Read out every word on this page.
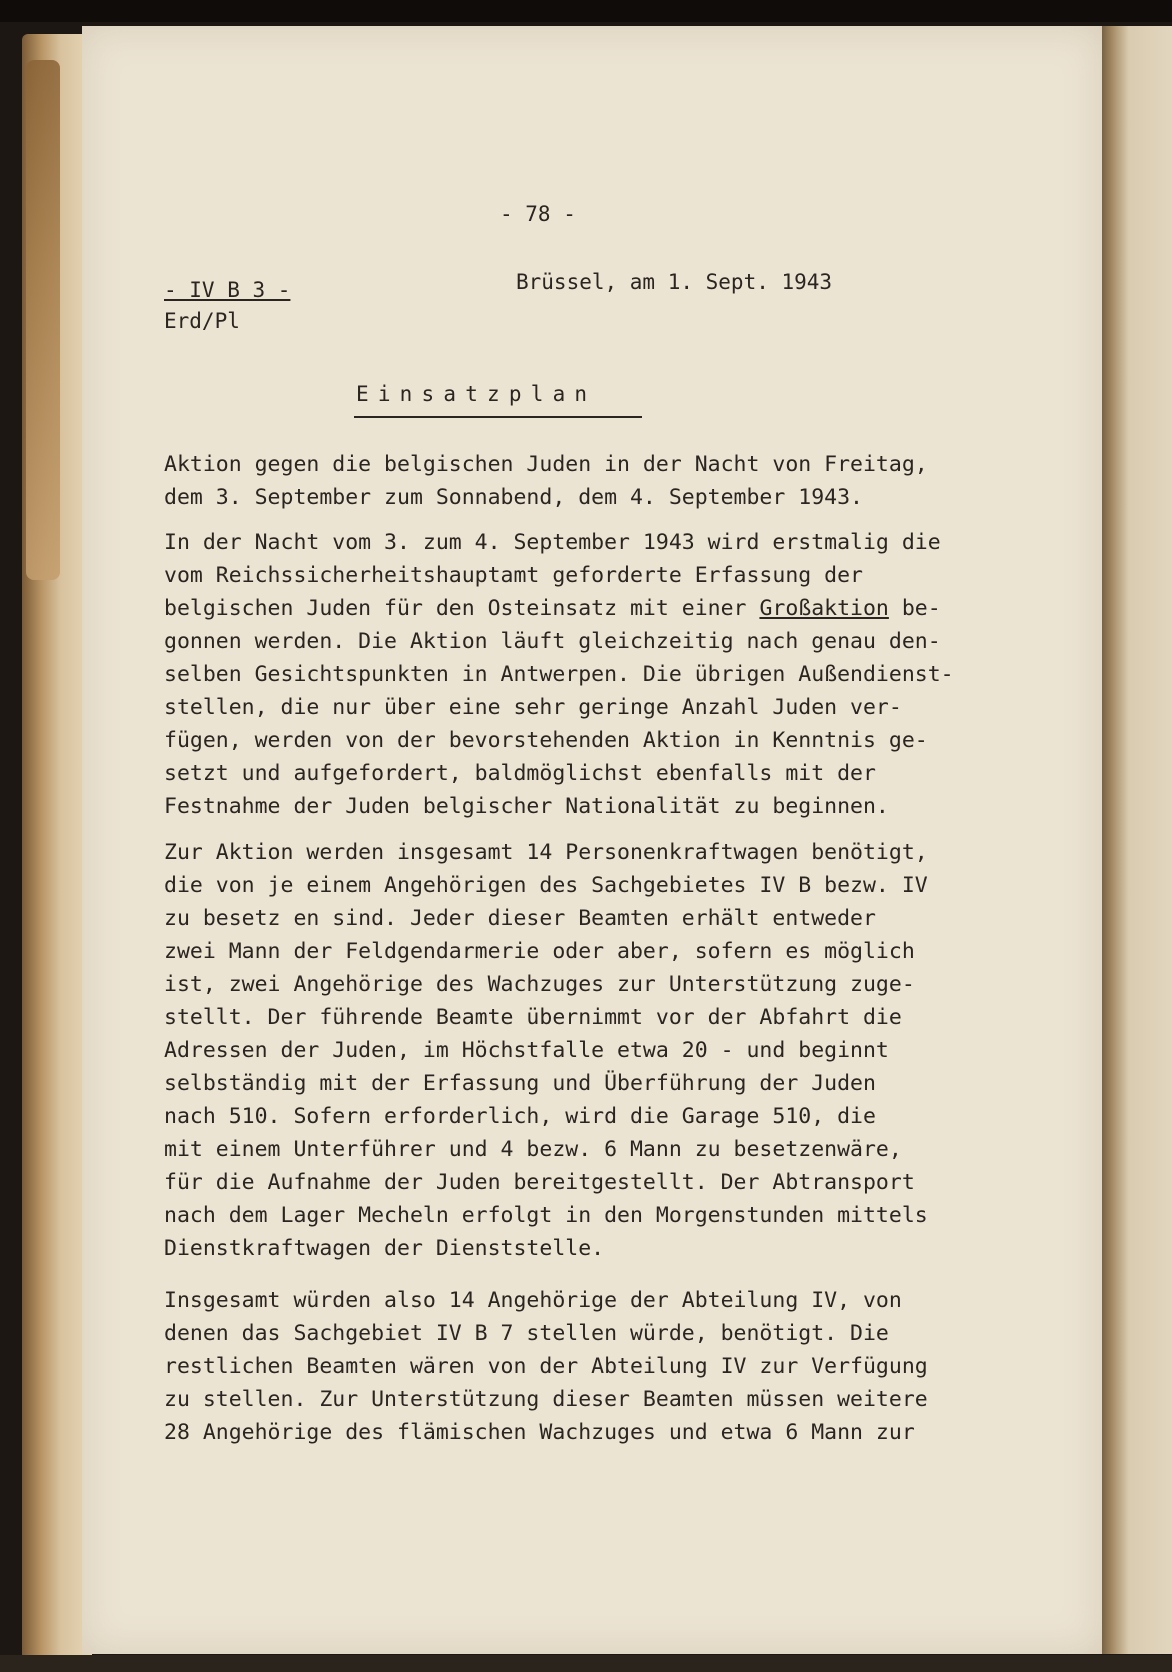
- 78 -
- IV B 3 -
Erd/Pl
Brüssel, am 1. Sept. 1943
Einsatzplan
Aktion gegen die belgischen Juden in der Nacht von Freitag,
dem 3. September zum Sonnabend, dem 4. September 1943.
In der Nacht vom 3. zum 4. September 1943 wird erstmalig die
vom Reichssicherheitshauptamt geforderte Erfassung der
belgischen Juden für den Osteinsatz mit einer Großaktion be-
gonnen werden. Die Aktion läuft gleichzeitig nach genau den-
selben Gesichtspunkten in Antwerpen. Die übrigen Außendienst-
stellen, die nur über eine sehr geringe Anzahl Juden ver-
fügen, werden von der bevorstehenden Aktion in Kenntnis ge-
setzt und aufgefordert, baldmöglichst ebenfalls mit der
Festnahme der Juden belgischer Nationalität zu beginnen.
Zur Aktion werden insgesamt 14 Personenkraftwagen benötigt,
die von je einem Angehörigen des Sachgebietes IV B bezw. IV
zu besetz en sind. Jeder dieser Beamten erhält entweder
zwei Mann der Feldgendarmerie oder aber, sofern es möglich
ist, zwei Angehörige des Wachzuges zur Unterstützung zuge-
stellt. Der führende Beamte übernimmt vor der Abfahrt die
Adressen der Juden, im Höchstfalle etwa 20 - und beginnt
selbständig mit der Erfassung und Überführung der Juden
nach 510. Sofern erforderlich, wird die Garage 510, die
mit einem Unterführer und 4 bezw. 6 Mann zu besetzenwäre,
für die Aufnahme der Juden bereitgestellt. Der Abtransport
nach dem Lager Mecheln erfolgt in den Morgenstunden mittels
Dienstkraftwagen der Dienststelle.
Insgesamt würden also 14 Angehörige der Abteilung IV, von
denen das Sachgebiet IV B 7 stellen würde, benötigt. Die
restlichen Beamten wären von der Abteilung IV zur Verfügung
zu stellen. Zur Unterstützung dieser Beamten müssen weitere
28 Angehörige des flämischen Wachzuges und etwa 6 Mann zur
